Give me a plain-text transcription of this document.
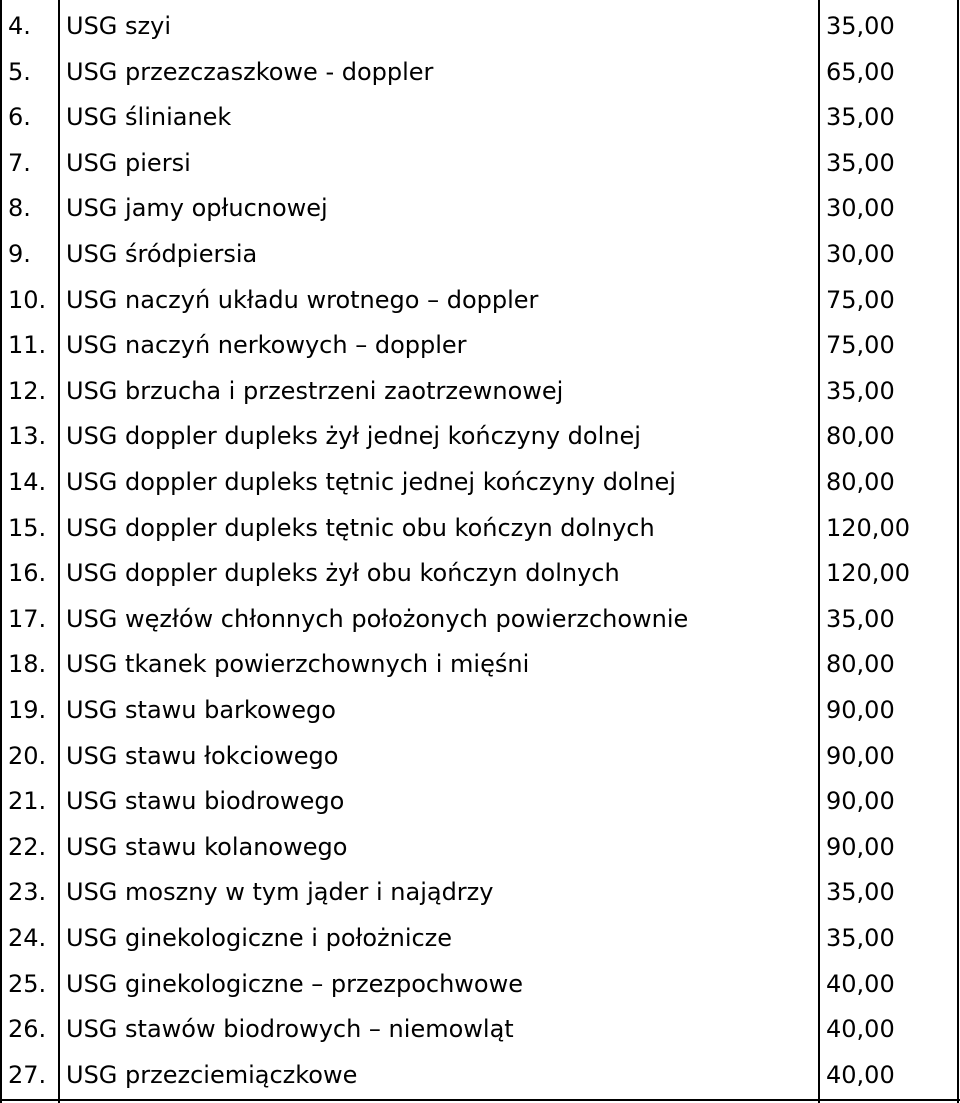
4. USG szyi	35,00
5. USG przezczaszkowe - doppler	65,00
6. USG ślinianek	35,00
7. USG piersi	35,00
8. USG jamy opłucnowej	30,00
9. USG śródpiersia	30,00
10. USG naczyń układu wrotnego – doppler	75,00
11. USG naczyń nerkowych – doppler	75,00
12. USG brzucha i przestrzeni zaotrzewnowej	35,00
13. USG doppler dupleks żył jednej kończyny dolnej	80,00
14. USG doppler dupleks tętnic jednej kończyny dolnej	80,00
15. USG doppler dupleks tętnic obu kończyn dolnych	120,00
16. USG doppler dupleks żył obu kończyn dolnych	120,00
17. USG węzłów chłonnych położonych powierzchownie	35,00
18. USG tkanek powierzchownych i mięśni	80,00
19. USG stawu barkowego	90,00
20. USG stawu łokciowego	90,00
21. USG stawu biodrowego	90,00
22. USG stawu kolanowego	90,00
23. USG moszny w tym jąder i najądrzy	35,00
24. USG ginekologiczne i położnicze	35,00
25. USG ginekologiczne – przezpochwowe	40,00
26. USG stawów biodrowych – niemowląt	40,00
27. USG przezciemiączkowe	40,00
